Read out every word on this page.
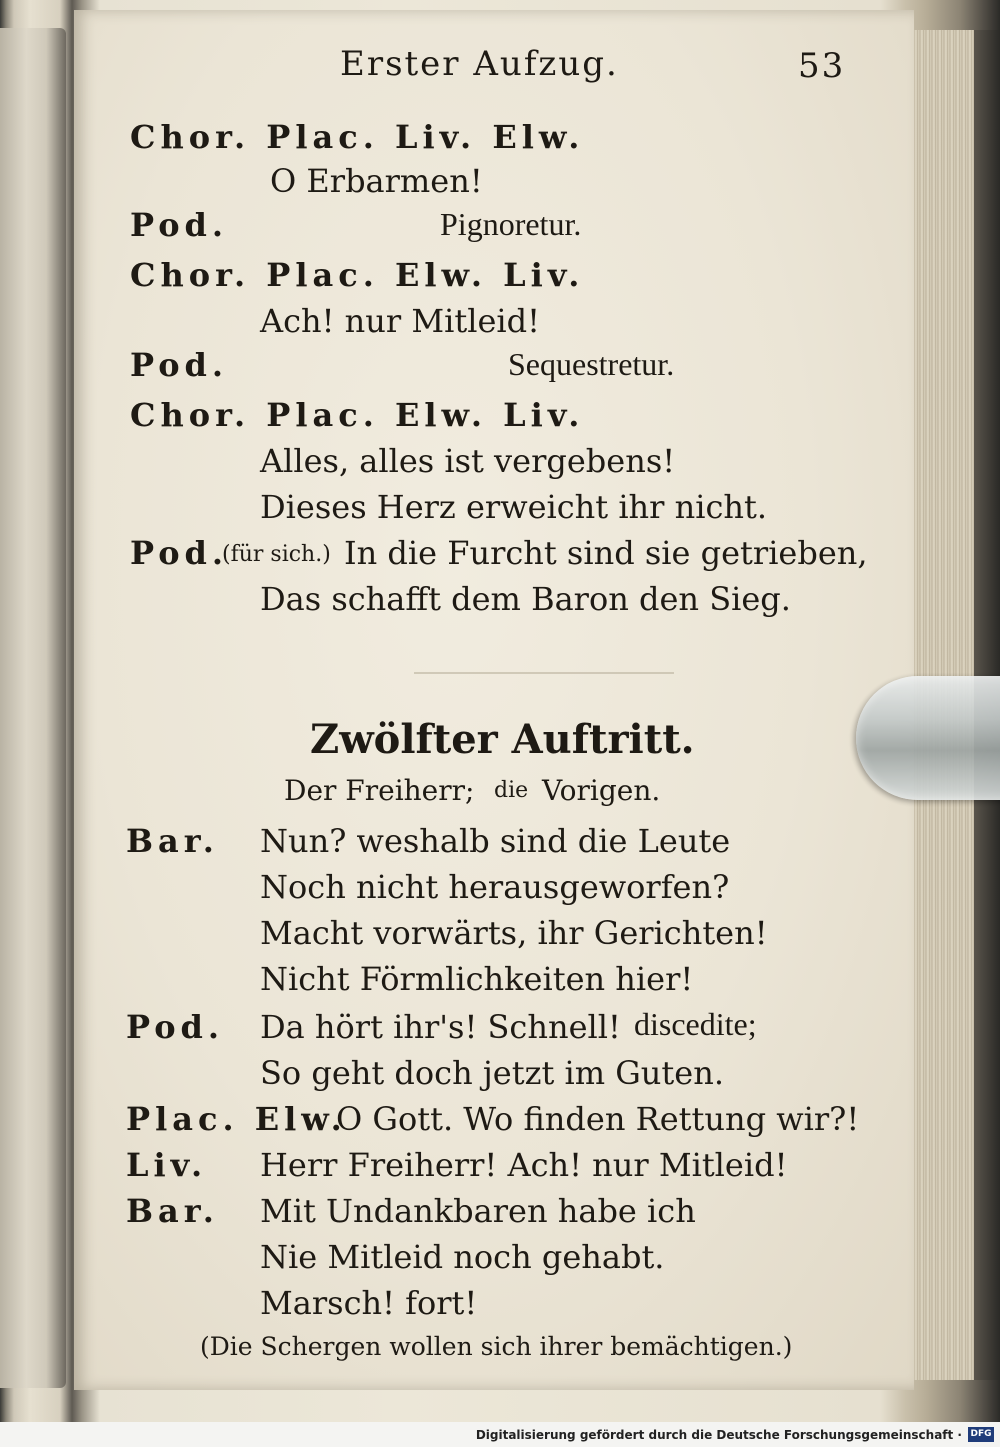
Erster Aufzug.	53
Chor. Plac. Liv. Elw.
O Erbarmen!
Pod.	Pignoretur.
Chor. Plac. Elw. Liv.
Ach! nur Mitleid!
Pod.	Sequestretur.
Chor. Plac. Elw. Liv.
Alles, alles ist vergebens!
Dieses Herz erweicht ihr nicht.
Pod.
(für sich.) In die Furcht sind sie getrieben,
Das schafft dem Baron den Sieg.
Zwölfter Auftritt.
Der Freiherr; die Vorigen.
Bar. Nun? weshalb sind die Leute
Noch nicht herausgeworfen?
Macht vorwärts, ihr Gerichten!
Nicht Förmlichkeiten hier!
Pod. Da hört ihr's! Schnell! discedite;
So geht doch jetzt im Guten.
Plac. Elw.
O Gott. Wo finden Rettung wir?!
Liv. Herr Freiherr! Ach! nur Mitleid!
Bar. Mit Undankbaren habe ich
Nie Mitleid noch gehabt.
Marsch! fort!
(Die Schergen wollen sich ihrer bemächtigen.)
Digitalisierung gefördert durch die Deutsche Forschungsgemeinschaft · DFG
